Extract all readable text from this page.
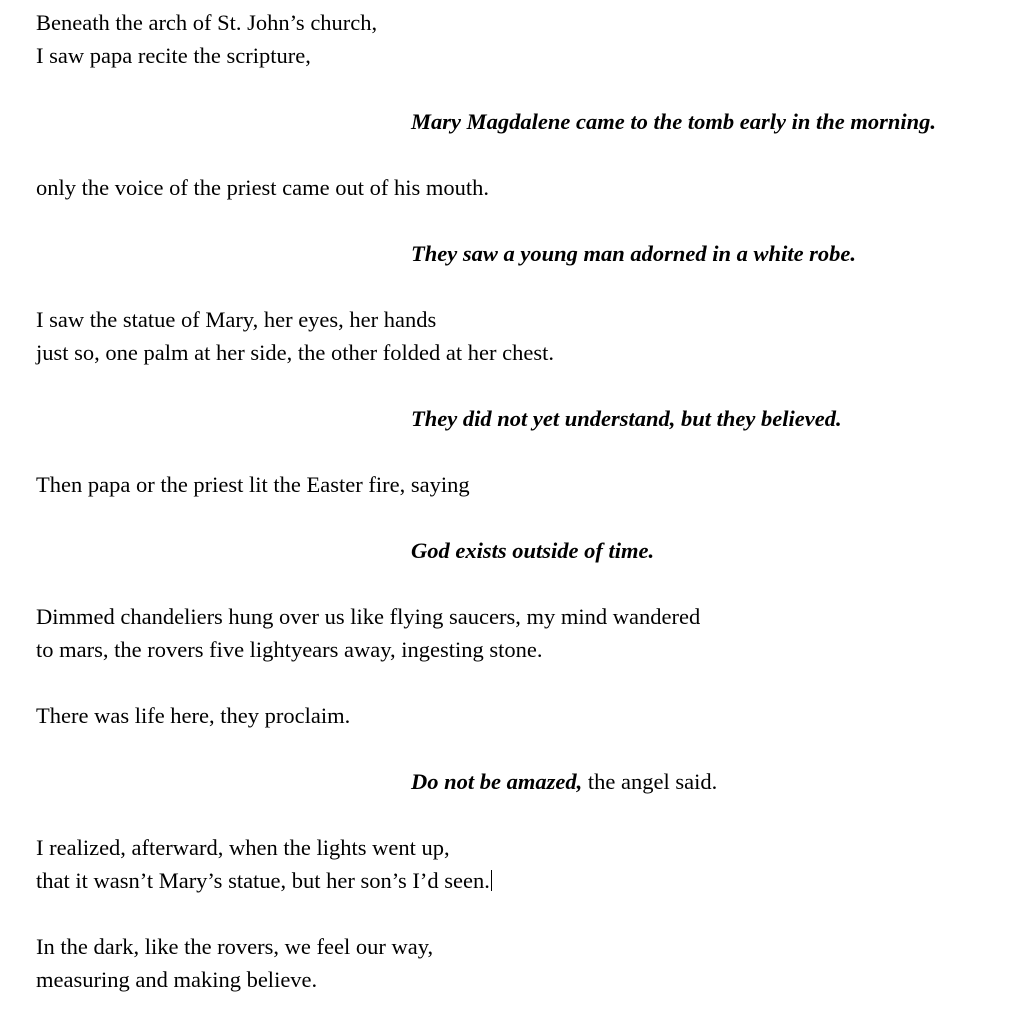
Beneath the arch of St. John’s church,
I saw papa recite the scripture,
Mary Magdalene came to the tomb early in the morning.
only the voice of the priest came out of his mouth.
They saw a young man adorned in a white robe.
I saw the statue of Mary, her eyes, her hands
just so, one palm at her side, the other folded at her chest.
They did not yet understand, but they believed.
Then papa or the priest lit the Easter fire, saying
God exists outside of time.
Dimmed chandeliers hung over us like flying saucers, my mind wandered
to mars, the rovers five lightyears away, ingesting stone.
There was life here, they proclaim.
Do not be amazed, the angel said.
I realized, afterward, when the lights went up,
that it wasn’t Mary’s statue, but her son’s I’d seen.
In the dark, like the rovers, we feel our way,
measuring and making believe.
